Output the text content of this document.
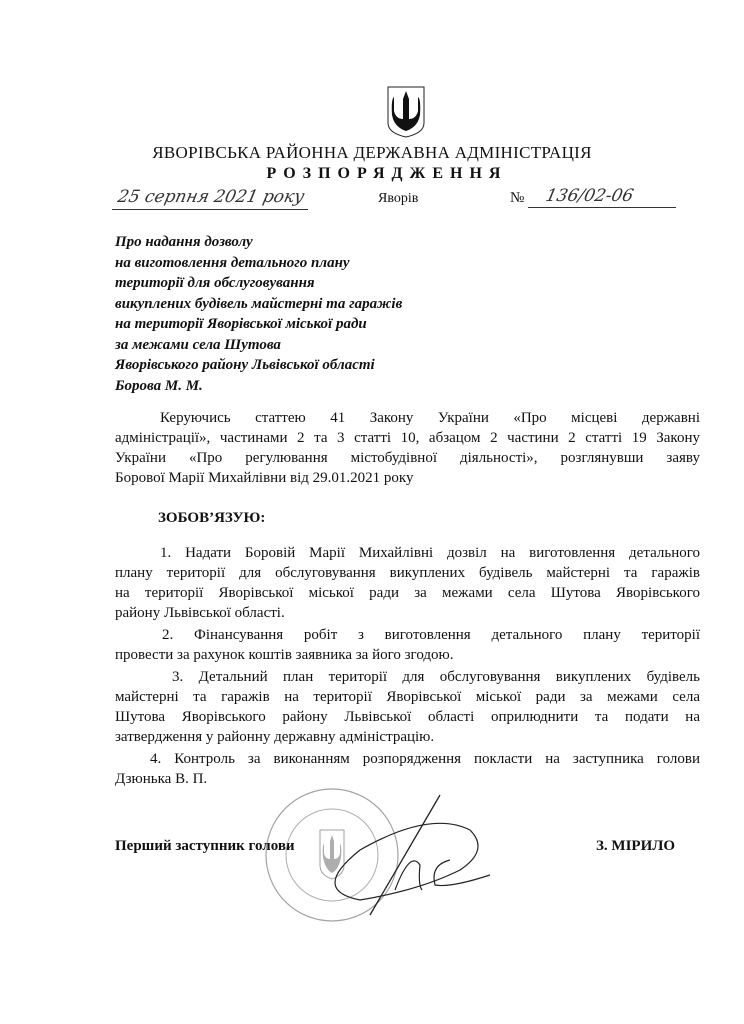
ЯВОРІВСЬКА РАЙОННА ДЕРЖАВНА АДМІНІСТРАЦІЯ
РОЗПОРЯДЖЕННЯ
25 серпня 2021 року	Яворів	№ 136/02-06
Про надання дозволу
на виготовлення детального плану
території для обслуговування
викуплених будівель майстерні та гаражів
на території Яворівської міської ради
за межами села Шутова
Яворівського району Львівської області
Борова М. М.
Керуючись статтею 41 Закону України «Про місцеві державні
адміністрації», частинами 2 та 3 статті 10, абзацом 2 частини 2 статті 19 Закону
України «Про регулювання містобудівної діяльності», розглянувши заяву
Борової Марії Михайлівни від 29.01.2021 року
ЗОБОВ’ЯЗУЮ:
1. Надати Боровій Марії Михайлівні дозвіл на виготовлення детального
плану території для обслуговування викуплених будівель майстерні та гаражів
на території Яворівської міської ради за межами села Шутова Яворівського
району Львівської області.
2. Фінансування робіт з виготовлення детального плану території
провести за рахунок коштів заявника за його згодою.
3. Детальний план території для обслуговування викуплених будівель
майстерні та гаражів на території Яворівської міської ради за межами села
Шутова Яворівського району Львівської області оприлюднити та подати на
затвердження у районну державну адміністрацію.
4. Контроль за виконанням розпорядження покласти на заступника голови
Дзюнька В. П.
Перший заступник голови	З. МІРИЛО
